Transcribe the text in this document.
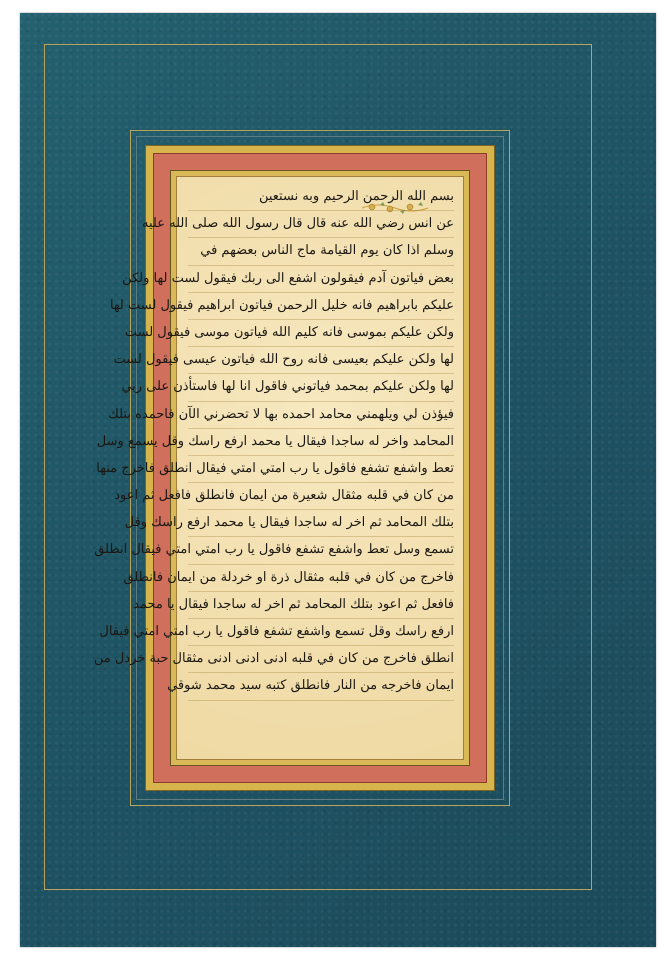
بسم الله الرحمن الرحيم وبه نستعين
عن انس رضي الله عنه قال قال رسول الله صلى الله عليه
وسلم اذا كان يوم القيامة ماج الناس بعضهم في
بعض فياتون آدم فيقولون اشفع الى ربك فيقول لست لها ولكن
عليكم بابراهيم فانه خليل الرحمن فياتون ابراهيم فيقول لست لها
ولكن عليكم بموسى فانه كليم الله فياتون موسى فيقول لست
لها ولكن عليكم بعيسى فانه روح الله فياتون عيسى فيقول لست
لها ولكن عليكم بمحمد فياتوني فاقول انا لها فاستأذن على ربي
فيؤذن لي ويلهمني محامد احمده بها لا تحضرني الآن فاحمده بتلك
المحامد واخر له ساجدا فيقال يا محمد ارفع راسك وقل يسمع وسل
تعط واشفع تشفع فاقول يا رب امتي امتي فيقال انطلق فاخرج منها
من كان في قلبه مثقال شعيرة من ايمان فانطلق فافعل ثم اعود
بتلك المحامد ثم اخر له ساجدا فيقال يا محمد ارفع راسك وقل
تسمع وسل تعط واشفع تشفع فاقول يا رب امتي امتي فيقال انطلق
فاخرج من كان في قلبه مثقال ذرة او خردلة من ايمان فانطلق
فافعل ثم اعود بتلك المحامد ثم اخر له ساجدا فيقال يا محمد
ارفع راسك وقل تسمع واشفع تشفع فاقول يا رب امتي امتي فيقال
انطلق فاخرج من كان في قلبه ادنى ادنى ادنى مثقال حبة خردل من
ايمان فاخرجه من النار فانطلق كتبه سيد محمد شوقي
